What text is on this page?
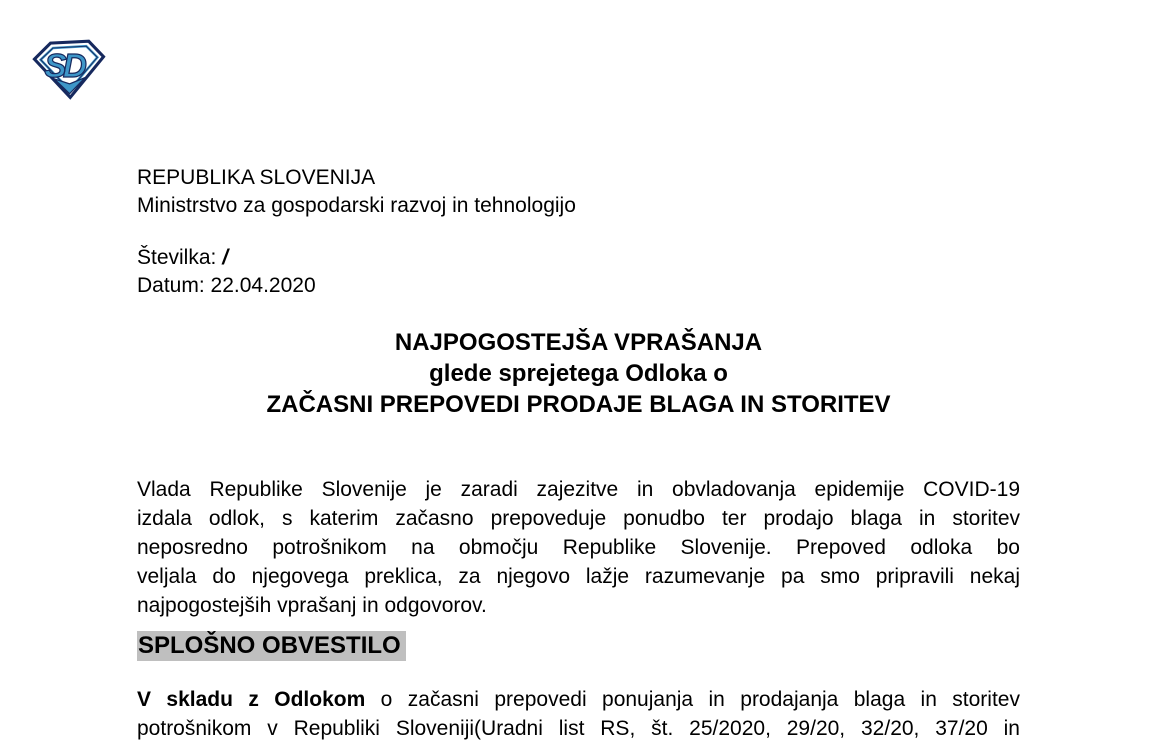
SD
REPUBLIKA SLOVENIJA
Ministrstvo za gospodarski razvoj in tehnologijo
Številka: /
Datum: 22.04.2020
NAJPOGOSTEJŠA VPRAŠANJA
glede sprejetega Odloka o
ZAČASNI PREPOVEDI PRODAJE BLAGA IN STORITEV
Vlada Republike Slovenije je zaradi zajezitve in obvladovanja epidemije COVID-19
izdala odlok, s katerim začasno prepoveduje ponudbo ter prodajo blaga in storitev
neposredno potrošnikom na območju Republike Slovenije. Prepoved odloka bo
veljala do njegovega preklica, za njegovo lažje razumevanje pa smo pripravili nekaj
najpogostejših vprašanj in odgovorov.
SPLOŠNO OBVESTILO
V skladu z Odlokom o začasni prepovedi ponujanja in prodajanja blaga in storitev
potrošnikom v Republiki Sloveniji(Uradni list RS, št. 25/2020, 29/20, 32/20, 37/20 in
